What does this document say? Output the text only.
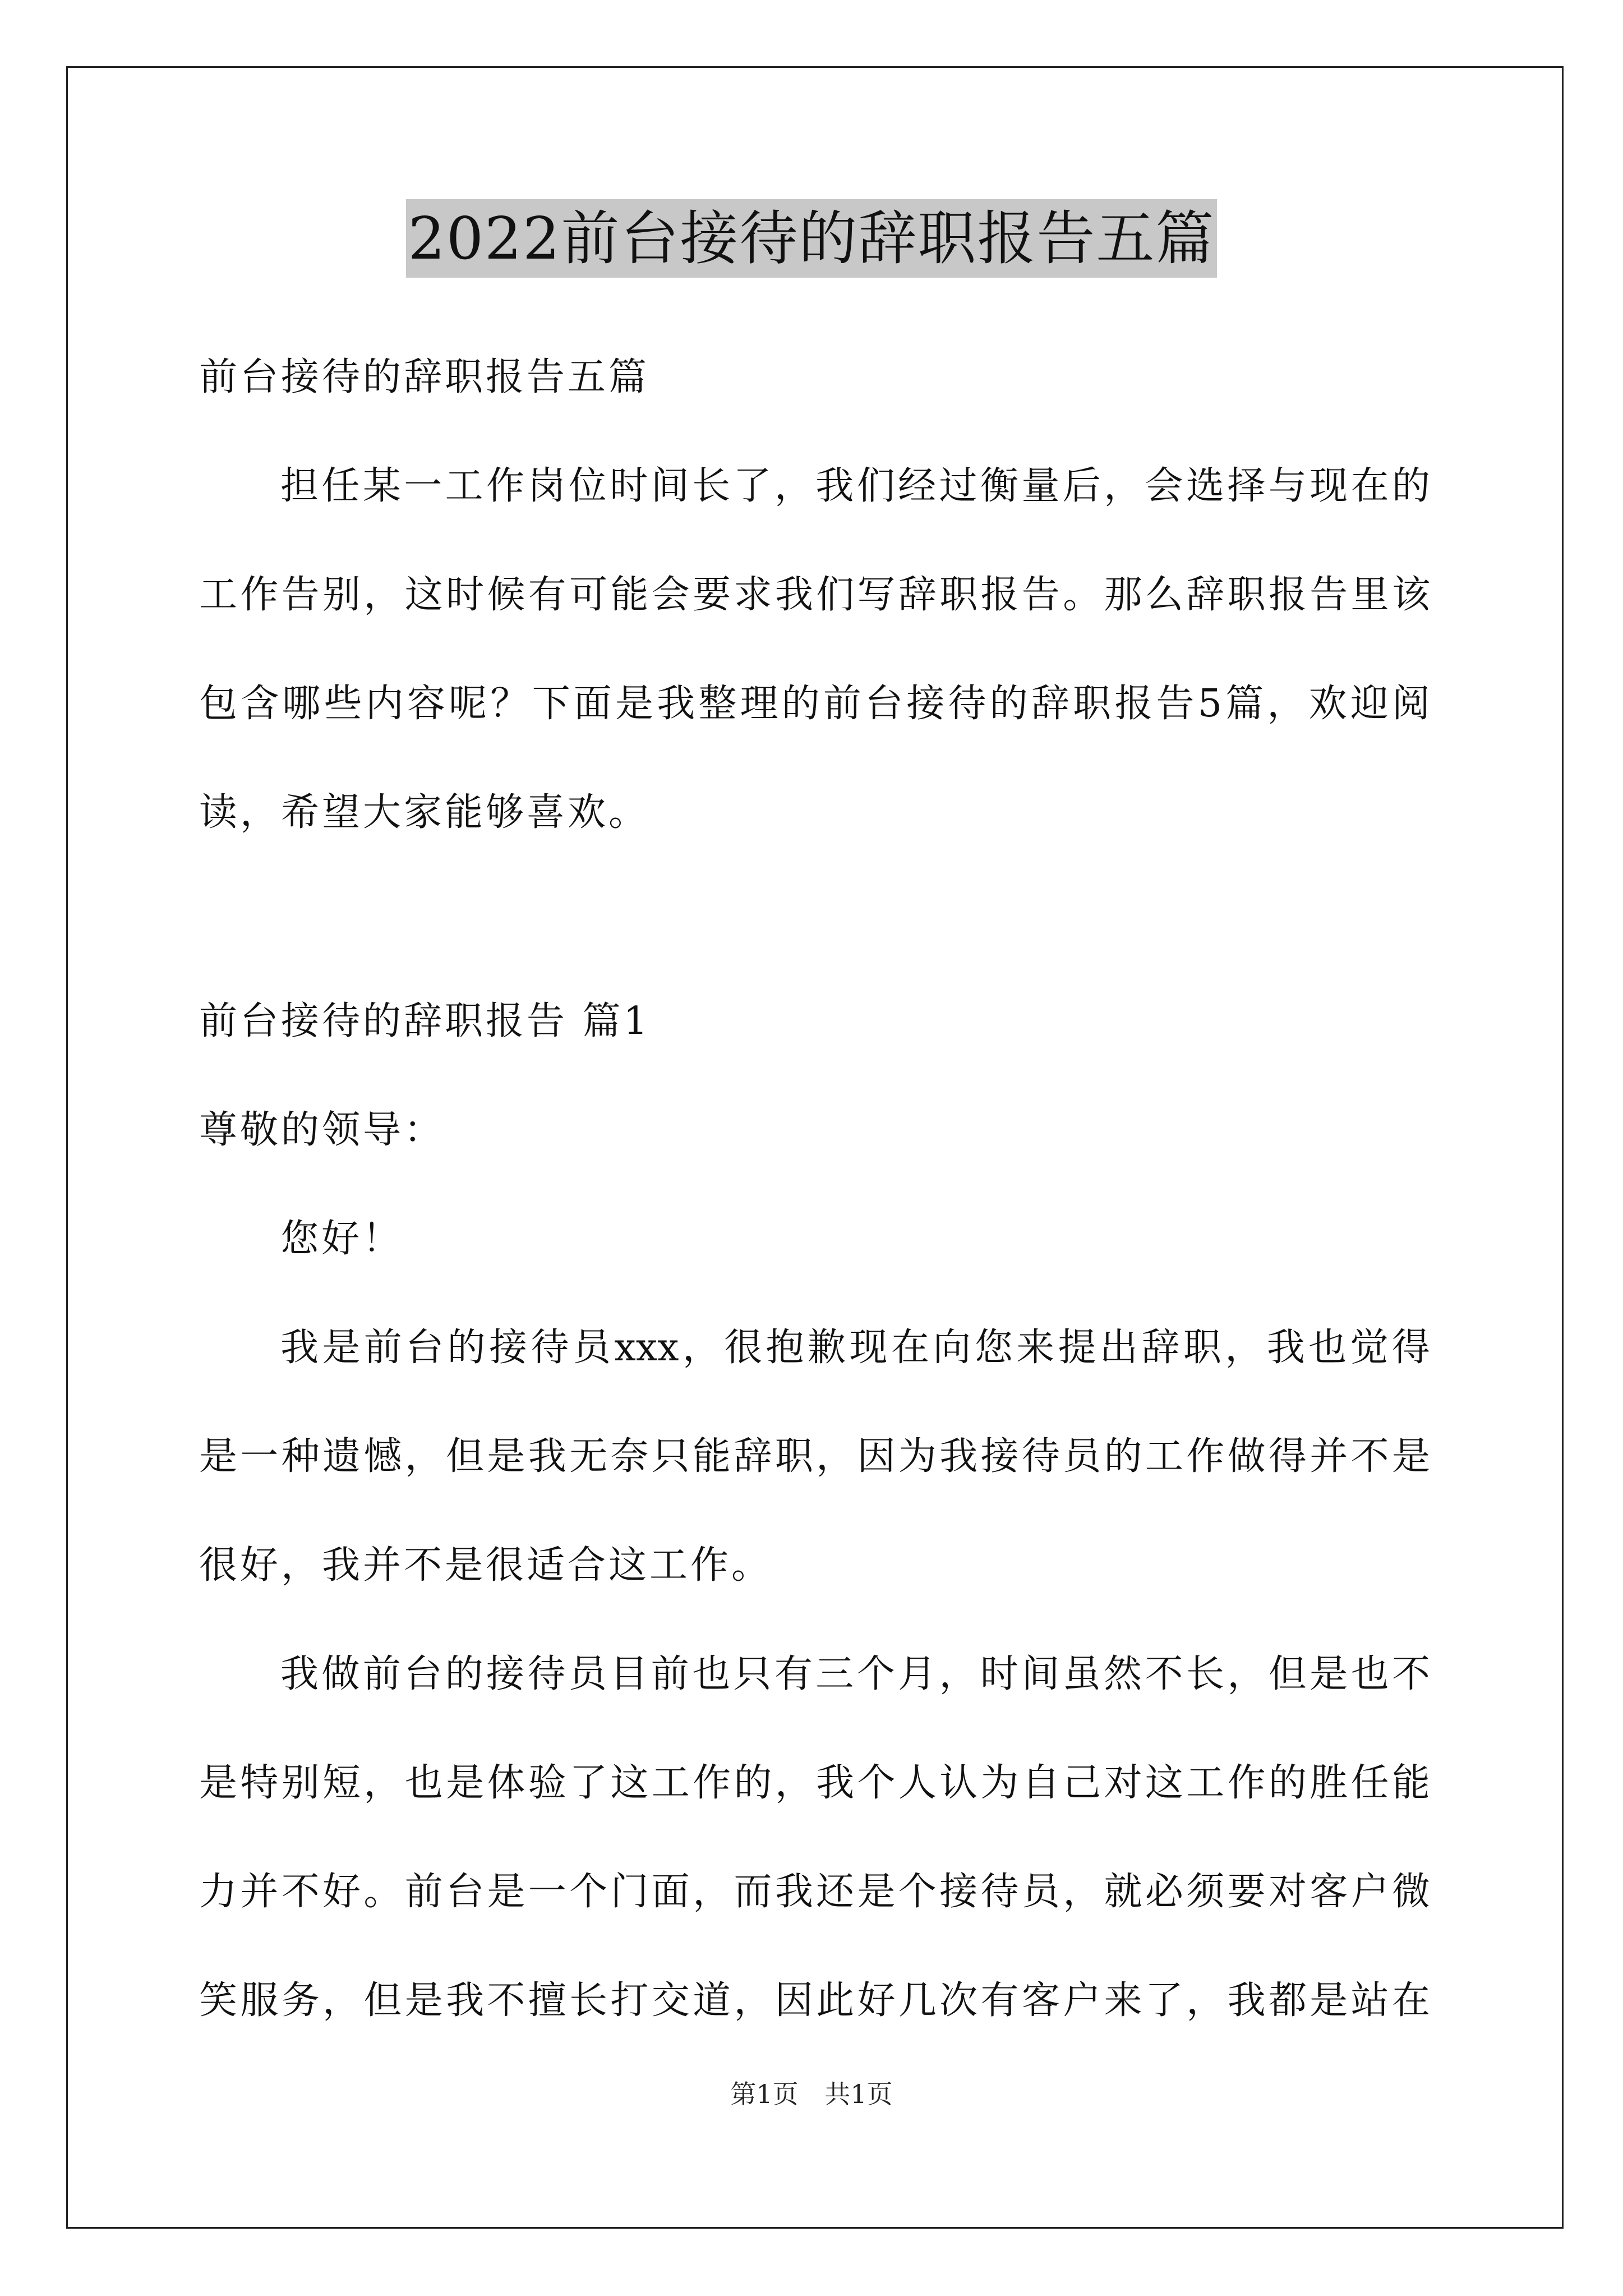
2022前台接待的辞职报告五篇
前台接待的辞职报告五篇
担任某一工作岗位时间长了，我们经过衡量后，会选择与现在的
工作告别，这时候有可能会要求我们写辞职报告。那么辞职报告里该
包含哪些内容呢？下面是我整理的前台接待的辞职报告5篇，欢迎阅
读，希望大家能够喜欢。
前台接待的辞职报告 篇1
尊敬的领导：
您好！
我是前台的接待员xxx，很抱歉现在向您来提出辞职，我也觉得
是一种遗憾，但是我无奈只能辞职，因为我接待员的工作做得并不是
很好，我并不是很适合这工作。
我做前台的接待员目前也只有三个月，时间虽然不长，但是也不
是特别短，也是体验了这工作的，我个人认为自己对这工作的胜任能
力并不好。前台是一个门面，而我还是个接待员，就必须要对客户微
笑服务，但是我不擅长打交道，因此好几次有客户来了，我都是站在
第1页 共1页
